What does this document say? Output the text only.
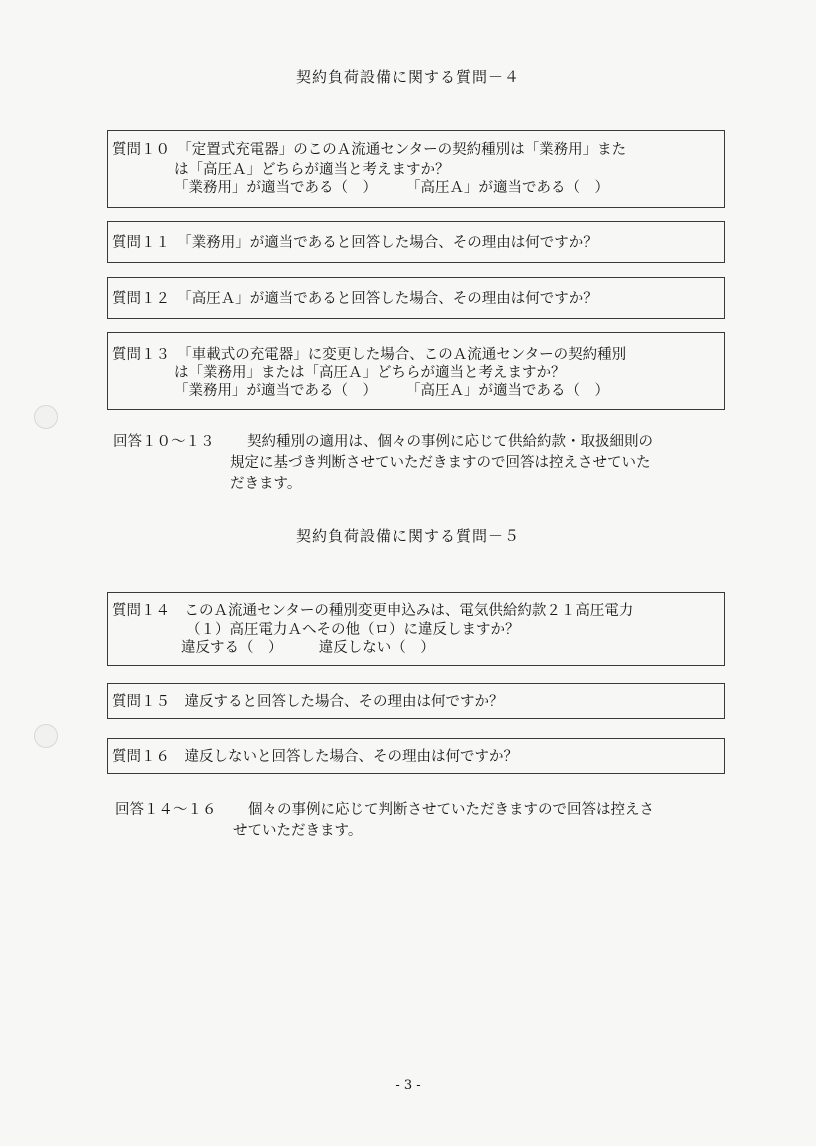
契約負荷設備に関する質問－４
質問１０　「定置式充電器」のこのＡ流通センターの契約種別は「業務用」また
は「高圧Ａ」どちらが適当と考えますか？
「業務用」が適当である（　）　　　「高圧Ａ」が適当である（　）
質問１１　「業務用」が適当であると回答した場合、その理由は何ですか？
質問１２　「高圧Ａ」が適当であると回答した場合、その理由は何ですか？
質問１３　「車載式の充電器」に変更した場合、このＡ流通センターの契約種別
は「業務用」または「高圧Ａ」どちらが適当と考えますか？
「業務用」が適当である（　）　　　「高圧Ａ」が適当である（　）
回答１０～１３ 契約種別の適用は、個々の事例に応じて供給約款・取扱細則の
規定に基づき判断させていただきますので回答は控えさせていた
だきます。
契約負荷設備に関する質問－５
質問１４　このＡ流通センターの種別変更申込みは、電気供給約款２１高圧電力
（１）高圧電力Ａへその他（ロ）に違反しますか？
違反する（　）　　　違反しない（　）
質問１５　違反すると回答した場合、その理由は何ですか？
質問１６　違反しないと回答した場合、その理由は何ですか？
回答１４～１６ 個々の事例に応じて判断させていただきますので回答は控えさ
せていただきます。
- 3 -
